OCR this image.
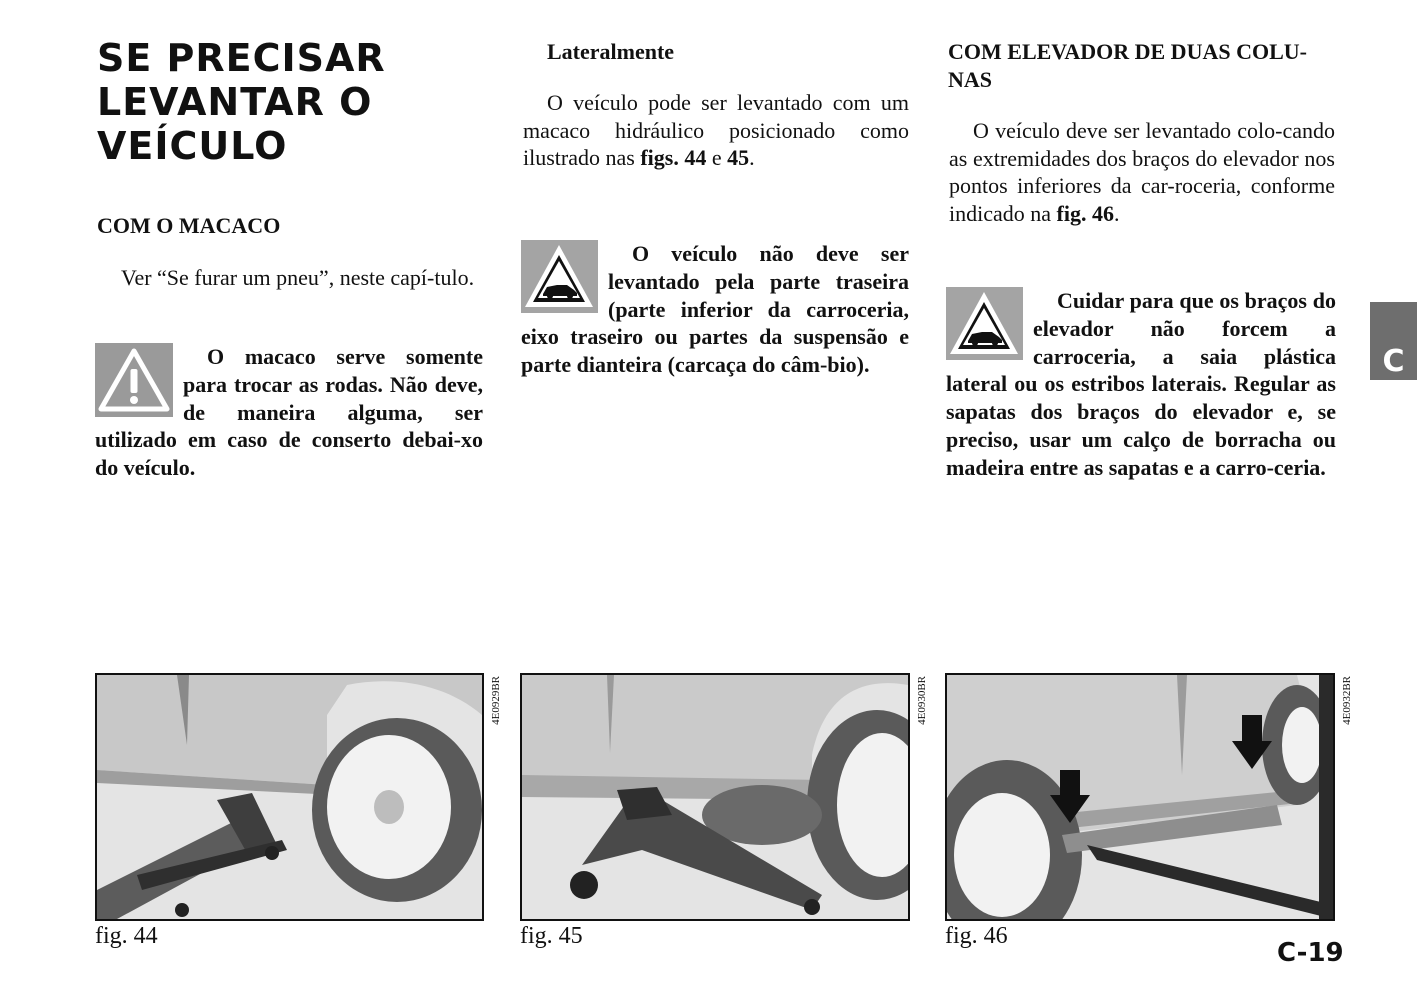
SE PRECISAR
LEVANTAR O
VEÍCULO
COM O MACACO

Ver “Se furar um pneu”, neste capí-tulo.

O macaco serve somente para trocar as rodas. Não deve, de maneira alguma, ser utilizado em caso de conserto debai-xo do veículo.

Lateralmente

O veículo pode ser levantado com um macaco hidráulico posicionado como ilustrado nas figs. 44 e 45.

O veículo não deve ser levantado pela parte traseira (parte inferior da carroceria, eixo traseiro ou partes da suspensão e parte dianteira (carcaça do câm-bio).

COM ELEVADOR DE DUAS COLU-
NAS

O veículo deve ser levantado colo-cando as extremidades dos braços do elevador nos pontos inferiores da car-roceria, conforme indicado na fig. 46.

Cuidar para que os braços do elevador não forcem a carroceria, a saia plástica lateral ou os estribos laterais. Regular as sapatas dos braços do elevador e, se preciso, usar um calço de borracha ou madeira entre as sapatas e a carro-ceria.

C
4E0929BR
fig. 44
4E0930BR
fig. 45
4E0932BR
fig. 46
C-19
